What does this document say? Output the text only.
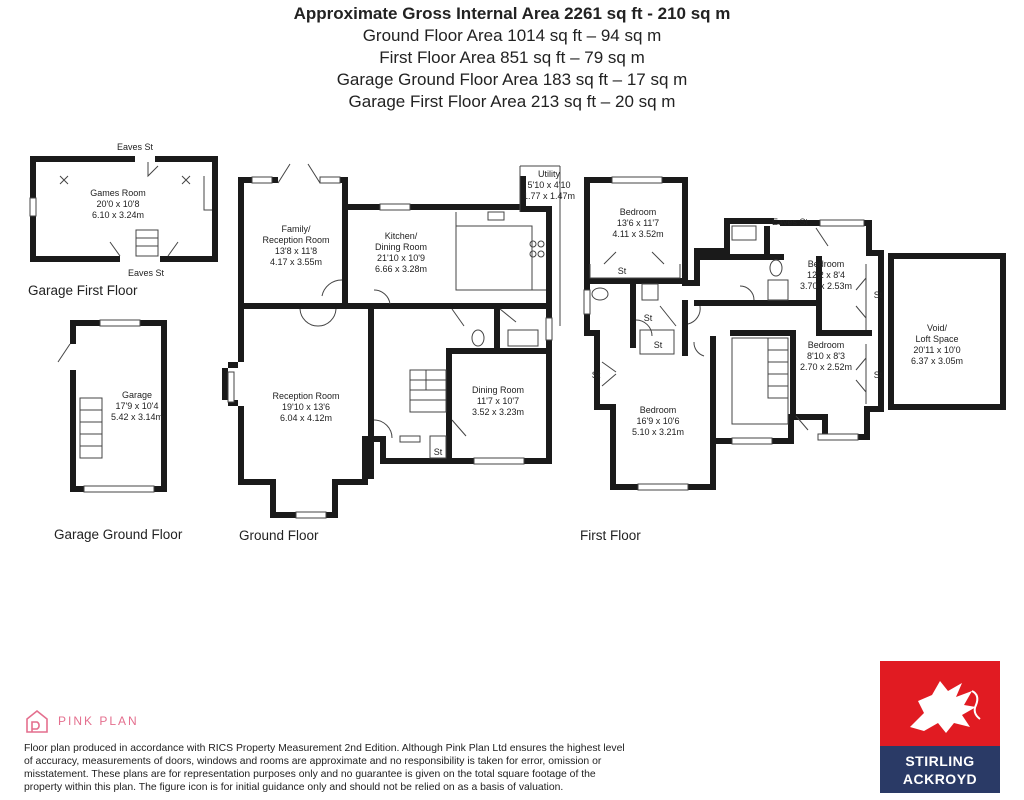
Approximate Gross Internal Area 2261 sq ft - 210 sq m
Ground Floor Area 1014 sq ft – 94 sq m
First Floor Area 851 sq ft – 79 sq m
Garage Ground Floor Area 183 sq ft – 17 sq m
Garage First Floor Area 213 sq ft – 20 sq m
Eaves St
Eaves St
Games Room
20'0 x 10'8
6.10 x 3.24m
Garage
17'9 x 10'4
5.42 x 3.14m
Family/
Reception Room
13'8 x 11'8
4.17 x 3.55m
Kitchen/
Dining Room
21'10 x 10'9
6.66 x 3.28m
Utility
5'10 x 4'10
1.77 x 1.47m
Reception Room
19'10 x 13'6
6.04 x 4.12m
Dining Room
11'7 x 10'7
3.52 x 3.23m
St
Bedroom
13'6 x 11'7
4.11 x 3.52m
Bedroom
12'2 x 8'4
3.70 x 2.53m
Bedroom
16'9 x 10'6
5.10 x 3.21m
Bedroom
8'10 x 8'3
2.70 x 2.52m
Void/
Loft Space
20'11 x 10'0
6.37 x 3.05m
Eaves St
St
St
St
St
St
St
Garage First Floor
Garage Ground Floor	Ground Floor	First Floor
PINK PLAN
Floor plan produced in accordance with RICS Property Measurement 2nd Edition. Although Pink Plan Ltd ensures the highest level of accuracy, measurements of doors, windows and rooms are approximate and no responsibility is taken for error, omission or misstatement. These plans are for representation purposes only and no guarantee is given on the total square footage of the property within this plan. The figure icon is for initial guidance only and should not be relied on as a basis of valuation.
STIRLING
ACKROYD
